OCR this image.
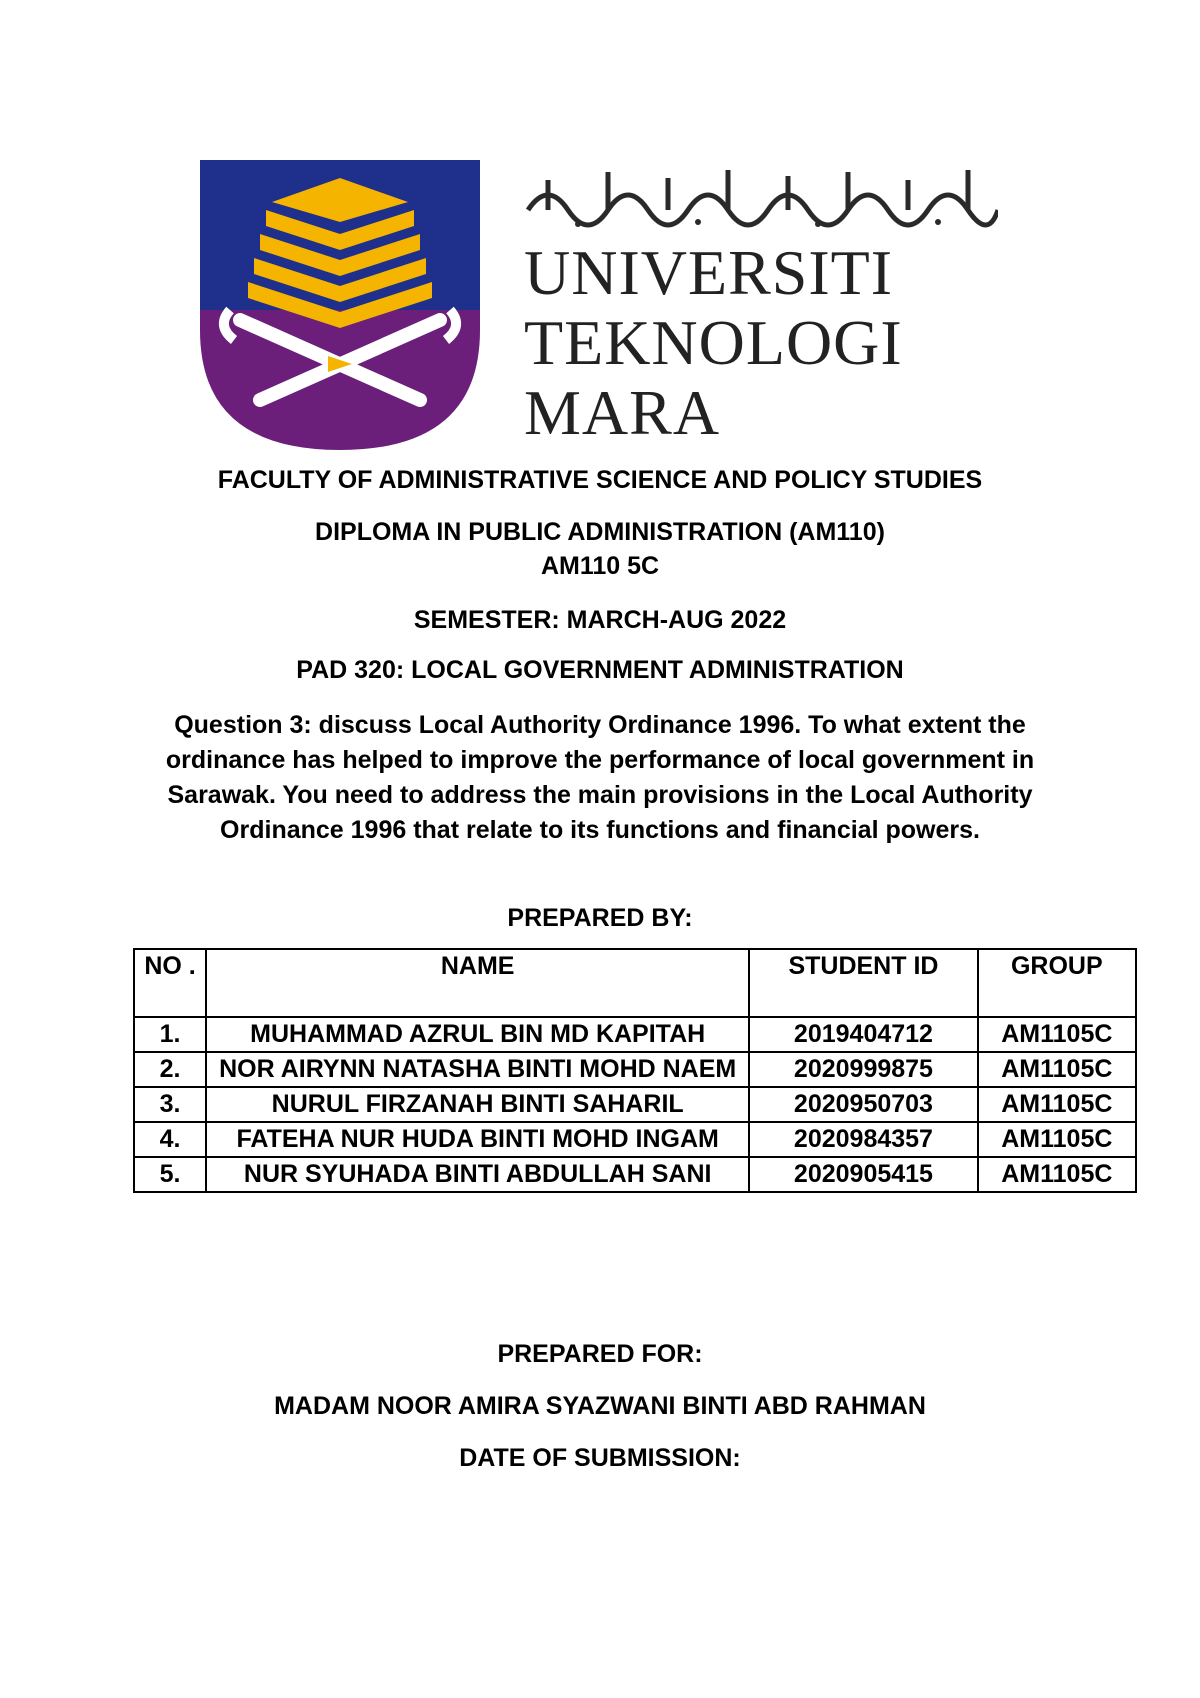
UNIVERSITI
TEKNOLOGI
MARA
FACULTY OF ADMINISTRATIVE SCIENCE AND POLICY STUDIES
DIPLOMA IN PUBLIC ADMINISTRATION (AM110)
AM110 5C
SEMESTER: MARCH-AUG 2022
PAD 320: LOCAL GOVERNMENT ADMINISTRATION
Question 3: discuss Local Authority Ordinance 1996. To what extent the ordinance has helped to improve the performance of local government in Sarawak. You need to address the main provisions in the Local Authority Ordinance 1996 that relate to its functions and financial powers.
PREPARED BY:
NO .	NAME	STUDENT ID	GROUP
1.	MUHAMMAD AZRUL BIN MD KAPITAH	2019404712	AM1105C
2.	NOR AIRYNN NATASHA BINTI MOHD NAEM	2020999875	AM1105C
3.	NURUL FIRZANAH BINTI SAHARIL	2020950703	AM1105C
4.	FATEHA NUR HUDA BINTI MOHD INGAM	2020984357	AM1105C
5.	NUR SYUHADA BINTI ABDULLAH SANI	2020905415	AM1105C
PREPARED FOR:
MADAM NOOR AMIRA SYAZWANI BINTI ABD RAHMAN
DATE OF SUBMISSION:
